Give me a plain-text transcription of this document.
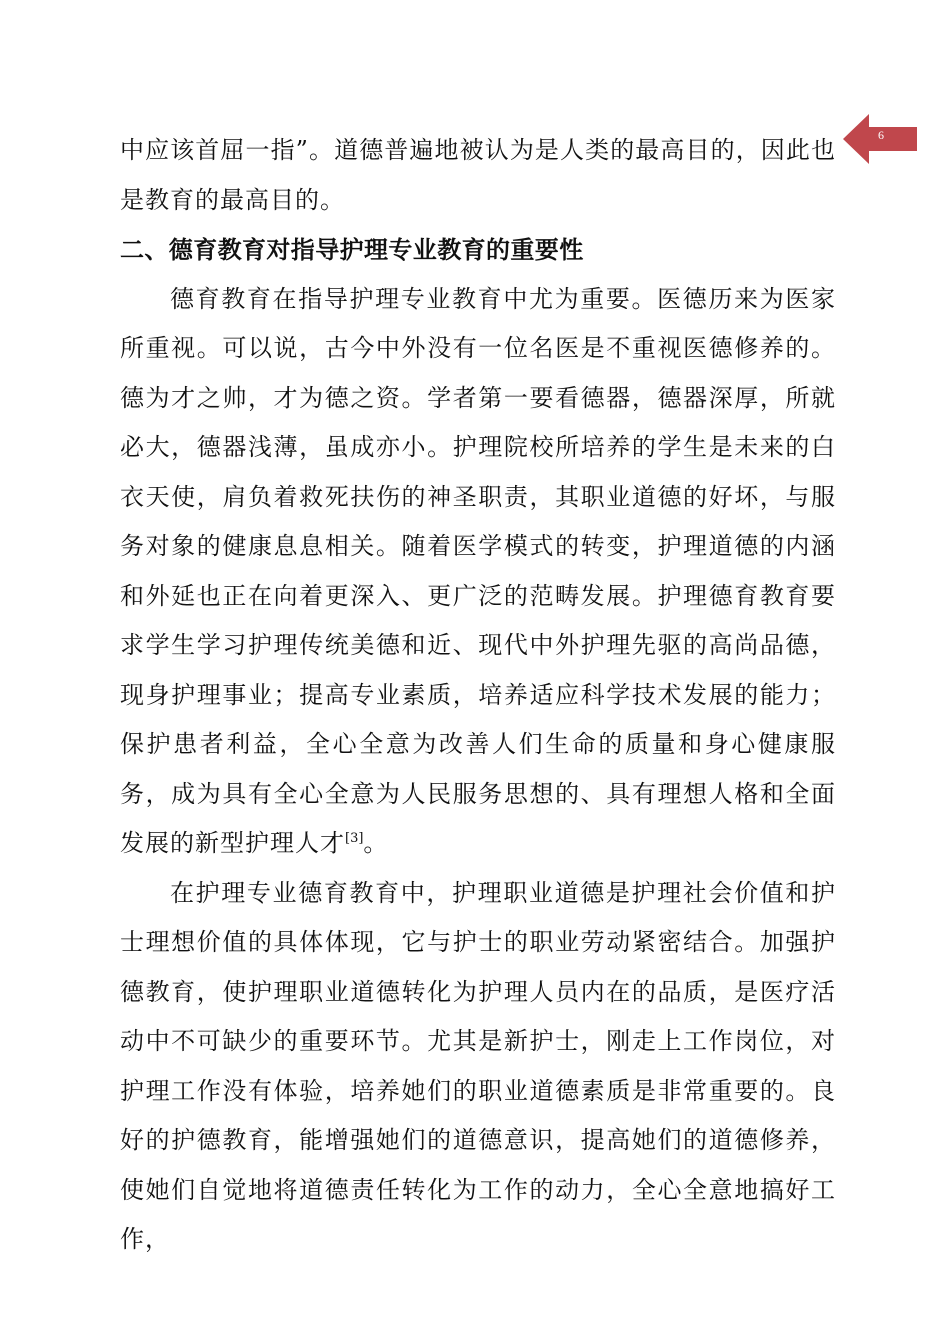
6

中应该首屈一指”。道德普遍地被认为是人类的最高目的，因此也是教育的最高目的。

二、德育教育对指导护理专业教育的重要性

德育教育在指导护理专业教育中尤为重要。医德历来为医家所重视。可以说，古今中外没有一位名医是不重视医德修养的。德为才之帅，才为德之资。学者第一要看德器，德器深厚，所就必大，德器浅薄，虽成亦小。护理院校所培养的学生是未来的白衣天使，肩负着救死扶伤的神圣职责，其职业道德的好坏，与服务对象的健康息息相关。随着医学模式的转变，护理道德的内涵和外延也正在向着更深入、更广泛的范畴发展。护理德育教育要求学生学习护理传统美德和近、现代中外护理先驱的高尚品德，现身护理事业；提高专业素质，培养适应科学技术发展的能力；保护患者利益，全心全意为改善人们生命的质量和身心健康服务，成为具有全心全意为人民服务思想的、具有理想人格和全面发展的新型护理人才[3]。

在护理专业德育教育中，护理职业道德是护理社会价值和护士理想价值的具体体现，它与护士的职业劳动紧密结合。加强护德教育，使护理职业道德转化为护理人员内在的品质，是医疗活动中不可缺少的重要环节。尤其是新护士，刚走上工作岗位，对护理工作没有体验，培养她们的职业道德素质是非常重要的。良好的护德教育，能增强她们的道德意识，提高她们的道德修养，使她们自觉地将道德责任转化为工作的动力，全心全意地搞好工作，
